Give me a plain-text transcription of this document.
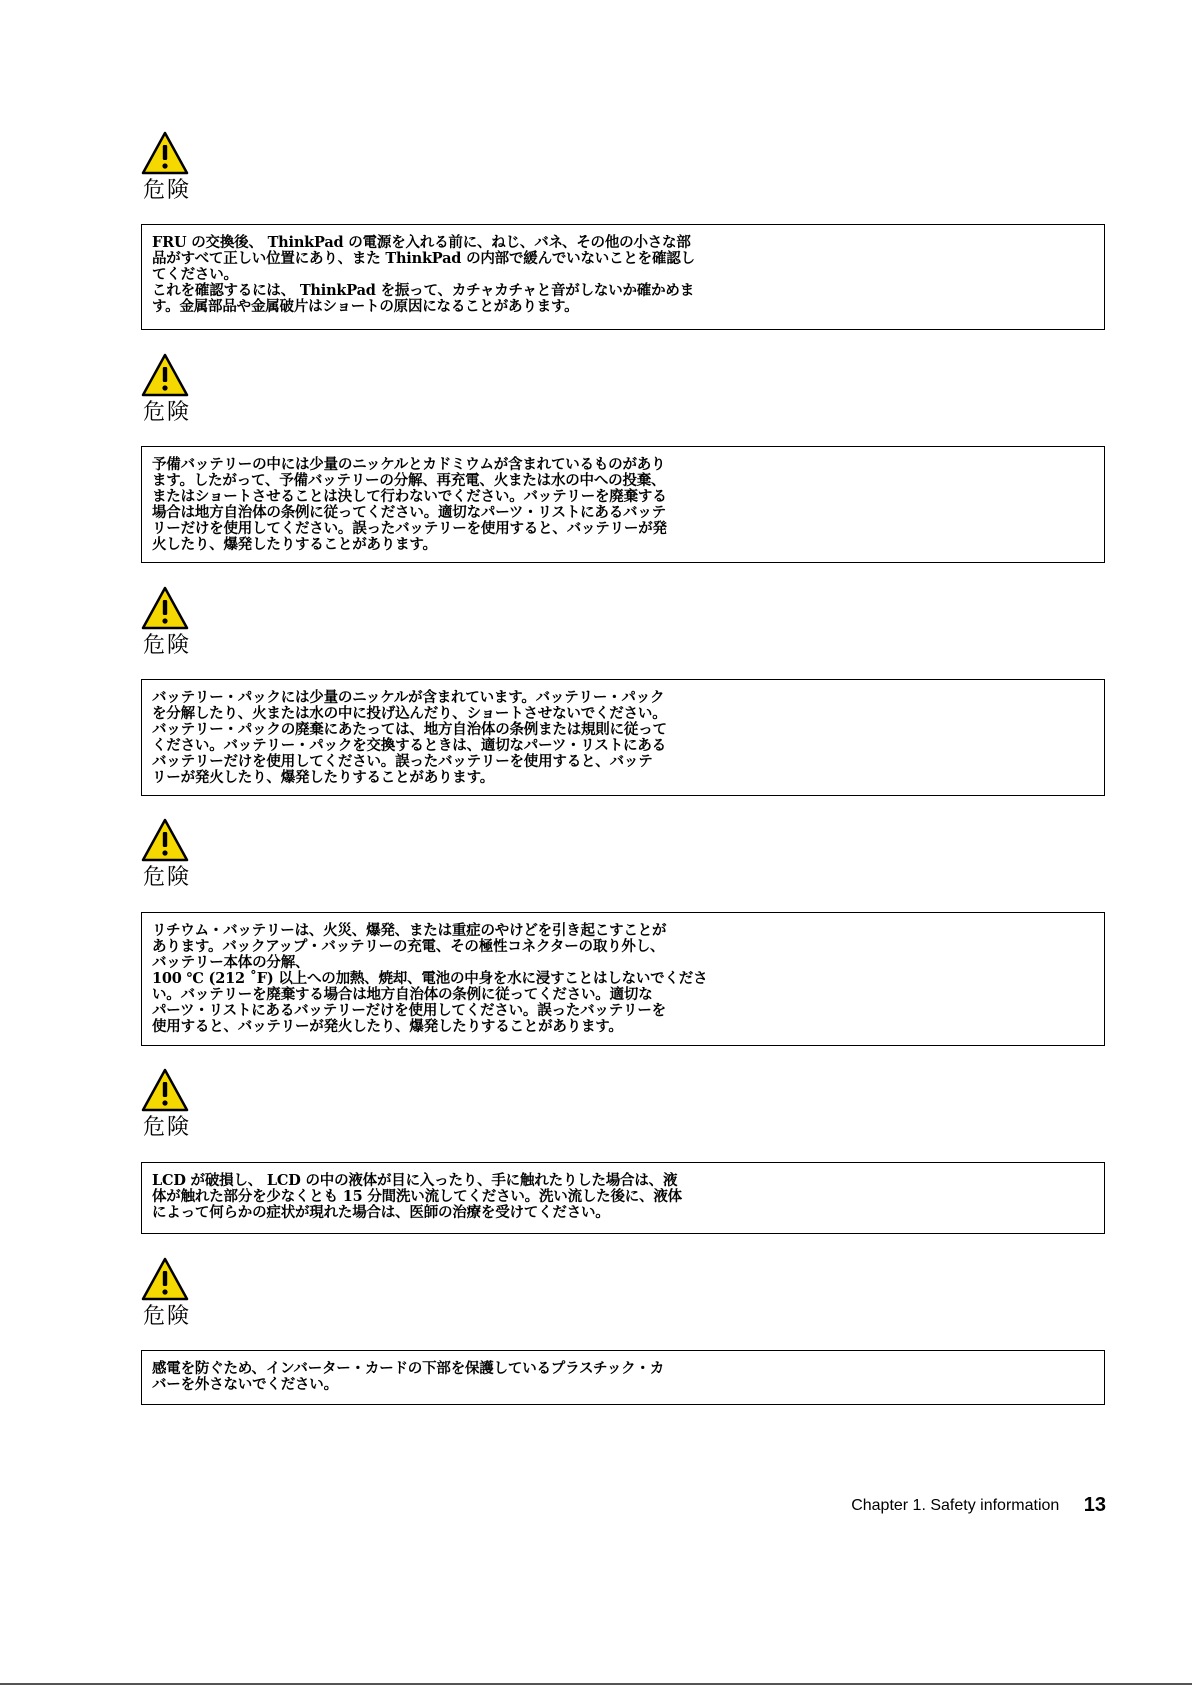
危険
FRU の交換後、 ThinkPad の電源を入れる前に、ねじ、バネ、その他の小さな部
品がすべて正しい位置にあり、また ThinkPad の内部で緩んでいないことを確認し
てください。
これを確認するには、 ThinkPad を振って、カチャカチャと音がしないか確かめま
す。金属部品や金属破片はショートの原因になることがあります。
危険
予備バッテリーの中には少量のニッケルとカドミウムが含まれているものがあり
ます。したがって、予備バッテリーの分解、再充電、火または水の中への投棄、
またはショートさせることは決して行わないでください。バッテリーを廃棄する
場合は地方自治体の条例に従ってください。適切なパーツ・リストにあるバッテ
リーだけを使用してください。誤ったバッテリーを使用すると、バッテリーが発
火したり、爆発したりすることがあります。
危険
バッテリー・パックには少量のニッケルが含まれています。バッテリー・パック
を分解したり、火または水の中に投げ込んだり、ショートさせないでください。
バッテリー・パックの廃棄にあたっては、地方自治体の条例または規則に従って
ください。バッテリー・パックを交換するときは、適切なパーツ・リストにある
バッテリーだけを使用してください。誤ったバッテリーを使用すると、バッテ
リーが発火したり、爆発したりすることがあります。
危険
リチウム・バッテリーは、火災、爆発、または重症のやけどを引き起こすことが
あります。バックアップ・バッテリーの充電、その極性コネクターの取り外し、
バッテリー本体の分解、
100 ℃ (212 ˚F) 以上への加熱、焼却、電池の中身を水に浸すことはしないでくださ
い。バッテリーを廃棄する場合は地方自治体の条例に従ってください。適切な
パーツ・リストにあるバッテリーだけを使用してください。誤ったバッテリーを
使用すると、バッテリーが発火したり、爆発したりすることがあります。
危険
LCD が破損し、 LCD の中の液体が目に入ったり、手に触れたりした場合は、液
体が触れた部分を少なくとも 15 分間洗い流してください。洗い流した後に、液体
によって何らかの症状が現れた場合は、医師の治療を受けてください。
危険
感電を防ぐため、インバーター・カードの下部を保護しているプラスチック・カ
バーを外さないでください。
Chapter 1. Safety information 13
